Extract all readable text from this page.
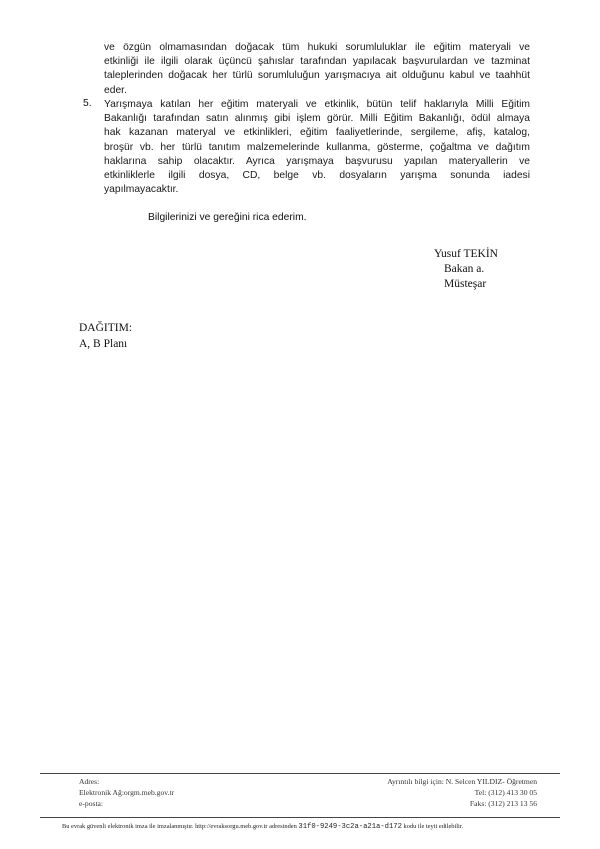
ve özgün olmamasından doğacak tüm hukuki sorumluluklar ile eğitim materyali ve
etkinliği ile ilgili olarak üçüncü şahıslar tarafından yapılacak başvurulardan ve tazminat
taleplerinden doğacak her türlü sorumluluğun yarışmacıya ait olduğunu kabul ve taahhüt
eder.
5. Yarışmaya katılan her eğitim materyali ve etkinlik, bütün telif haklarıyla Milli Eğitim
Bakanlığı tarafından satın alınmış gibi işlem görür. Milli Eğitim Bakanlığı, ödül almaya
hak kazanan materyal ve etkinlikleri, eğitim faaliyetlerinde, sergileme, afiş, katalog,
broşür vb. her türlü tanıtım malzemelerinde kullanma, gösterme, çoğaltma ve dağıtım
haklarına sahip olacaktır. Ayrıca yarışmaya başvurusu yapılan materyallerin ve
etkinliklerle ilgili dosya, CD, belge vb. dosyaların yarışma sonunda iadesi
yapılmayacaktır.
Bilgilerinizi ve gereğini rica ederim.
Yusuf TEKİN
Bakan a.
Müsteşar
DAĞITIM:
A, B Planı
Adres:
Elektronik Ağ:orgm.meb.gov.tr
e-posta:
Ayrıntılı bilgi için: N. Selcen YILDIZ- Öğretmen
Tel: (312) 413 30 05
Faks: (312) 213 13 56
Bu evrak güvenli elektronik imza ile imzalanmıştır. http://evraksorgu.meb.gov.tr adresinden 31f0-9249-3c2a-a21a-d172 kodu ile teyit edilebilir.
